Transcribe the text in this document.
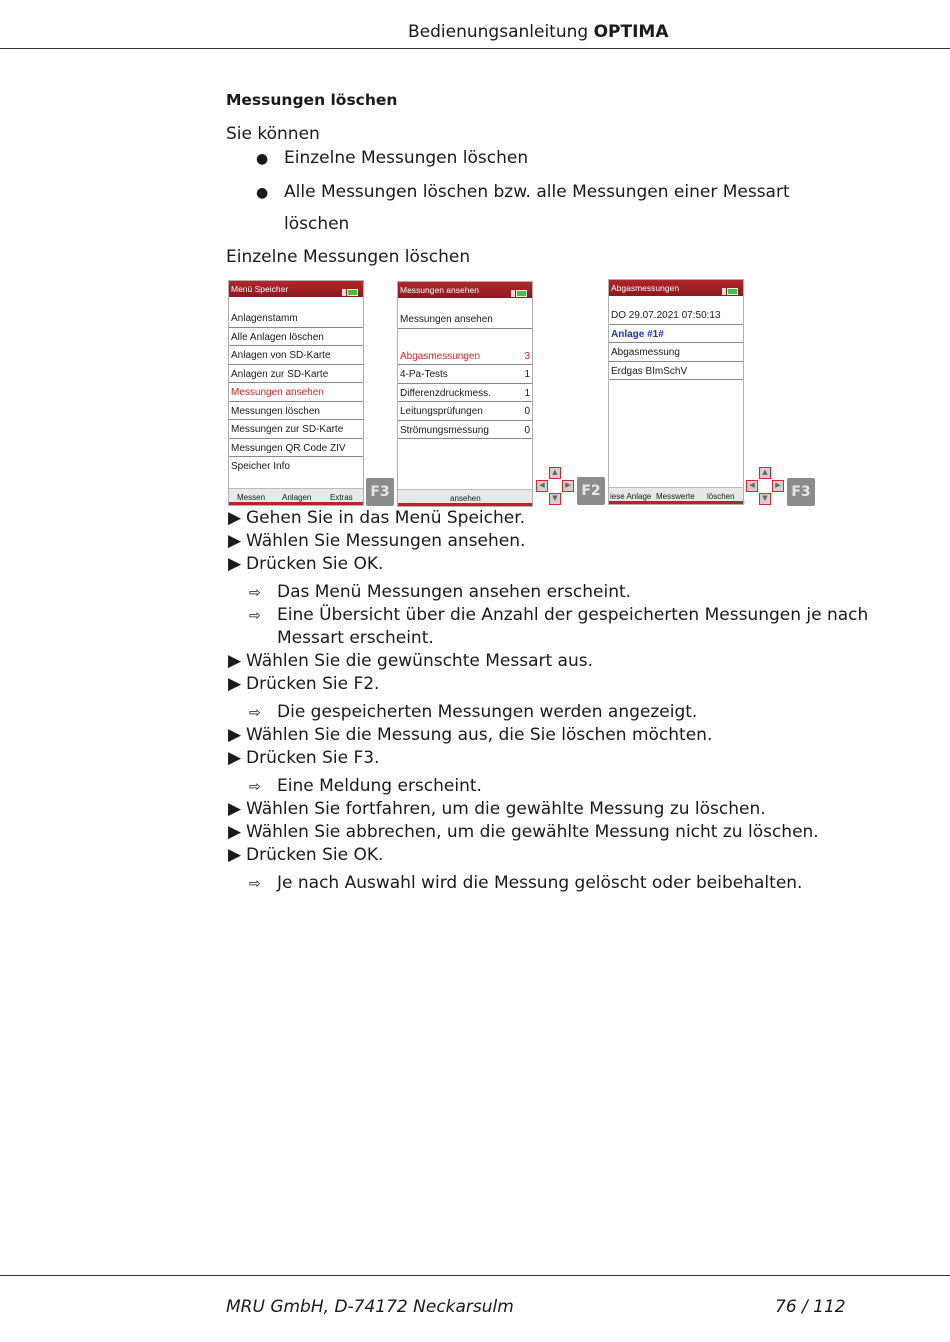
Bedienungsanleitung OPTIMA
Messungen löschen
Sie können
● Einzelne Messungen löschen
● Alle Messungen löschen bzw. alle Messungen einer Messart
löschen
Einzelne Messungen löschen
Menü Speicher
Anlagenstamm
Alle Anlagen löschen
Anlagen von SD-Karte
Anlagen zur SD-Karte
Messungen ansehen
Messungen löschen
Messungen zur SD-Karte
Messungen QR Code ZIV
Speicher Info
Messen Anlagen Extras	F3
Messungen ansehen
Messungen ansehen
Abgasmessungen	3
4-Pa-Tests	1
Differenzdruckmess.	1
Leitungsprüfungen	0
Strömungsmessung	0
ansehen
▲
◀	▶
▼	F2
Abgasmessungen
DO 29.07.2021 07:50:13
Anlage #1#
Abgasmessung
Erdgas BImSchV
iese Anlage Messwerte löschen
▲
◀	▶
▼	F3
▶ Gehen Sie in das Menü Speicher.
▶ Wählen Sie Messungen ansehen.
▶ Drücken Sie OK.
⇨ Das Menü Messungen ansehen erscheint.
⇨ Eine Übersicht über die Anzahl der gespeicherten Messungen je nach
Messart erscheint.
▶ Wählen Sie die gewünschte Messart aus.
▶ Drücken Sie F2.
⇨ Die gespeicherten Messungen werden angezeigt.
▶ Wählen Sie die Messung aus, die Sie löschen möchten.
▶ Drücken Sie F3.
⇨ Eine Meldung erscheint.
▶ Wählen Sie fortfahren, um die gewählte Messung zu löschen.
▶ Wählen Sie abbrechen, um die gewählte Messung nicht zu löschen.
▶ Drücken Sie OK.
⇨ Je nach Auswahl wird die Messung gelöscht oder beibehalten.
MRU GmbH, D-74172 Neckarsulm	76 / 112
